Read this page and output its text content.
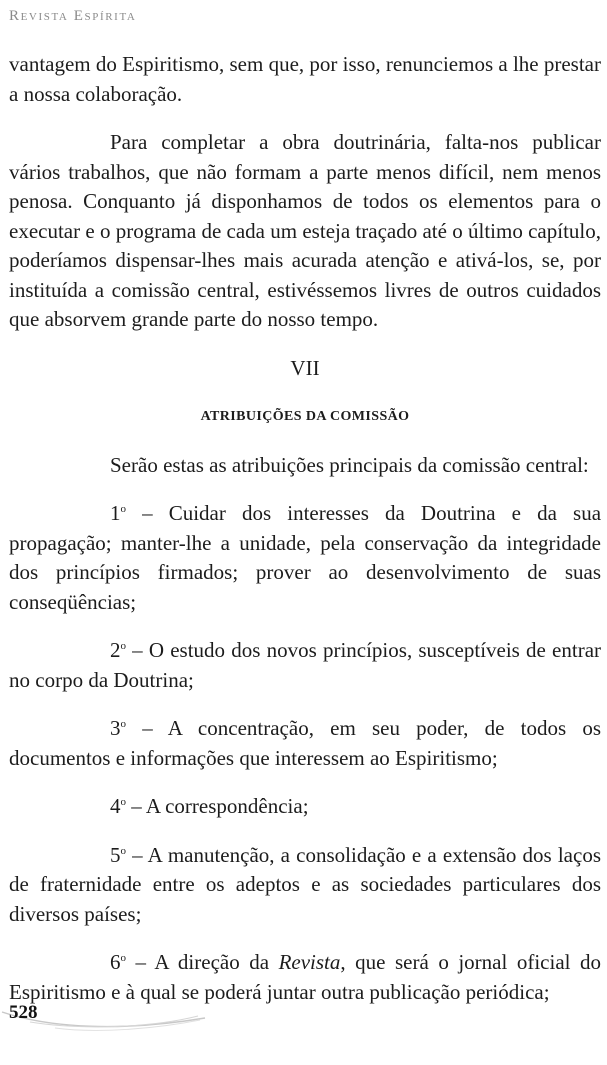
Revista Espírita

vantagem do Espiritismo, sem que, por isso, renunciemos a lhe prestar a nossa colaboração.

Para completar a obra doutrinária, falta-nos publicar vários trabalhos, que não formam a parte menos difícil, nem menos penosa. Conquanto já disponhamos de todos os elementos para o executar e o programa de cada um esteja traçado até o último capítulo, poderíamos dispensar-lhes mais acurada atenção e ativá-los, se, por instituída a comissão central, estivéssemos livres de outros cuidados que absorvem grande parte do nosso tempo.

VII

ATRIBUIÇÕES DA COMISSÃO

Serão estas as atribuições principais da comissão central:

1$^o$ – Cuidar dos interesses da Doutrina e da sua propagação; manter-lhe a unidade, pela conservação da integridade dos princípios firmados; prover ao desenvolvimento de suas conseqüências;

2$^o$ – O estudo dos novos princípios, susceptíveis de entrar no corpo da Doutrina;

3$^o$ – A concentração, em seu poder, de todos os documentos e informações que interessem ao Espiritismo;

4$^o$ – A correspondência;

5$^o$ – A manutenção, a consolidação e a extensão dos laços de fraternidade entre os adeptos e as sociedades particulares dos diversos países;

6$^o$ – A direção da Revista, que será o jornal oficial do Espiritismo e à qual se poderá juntar outra publicação periódica;

528
